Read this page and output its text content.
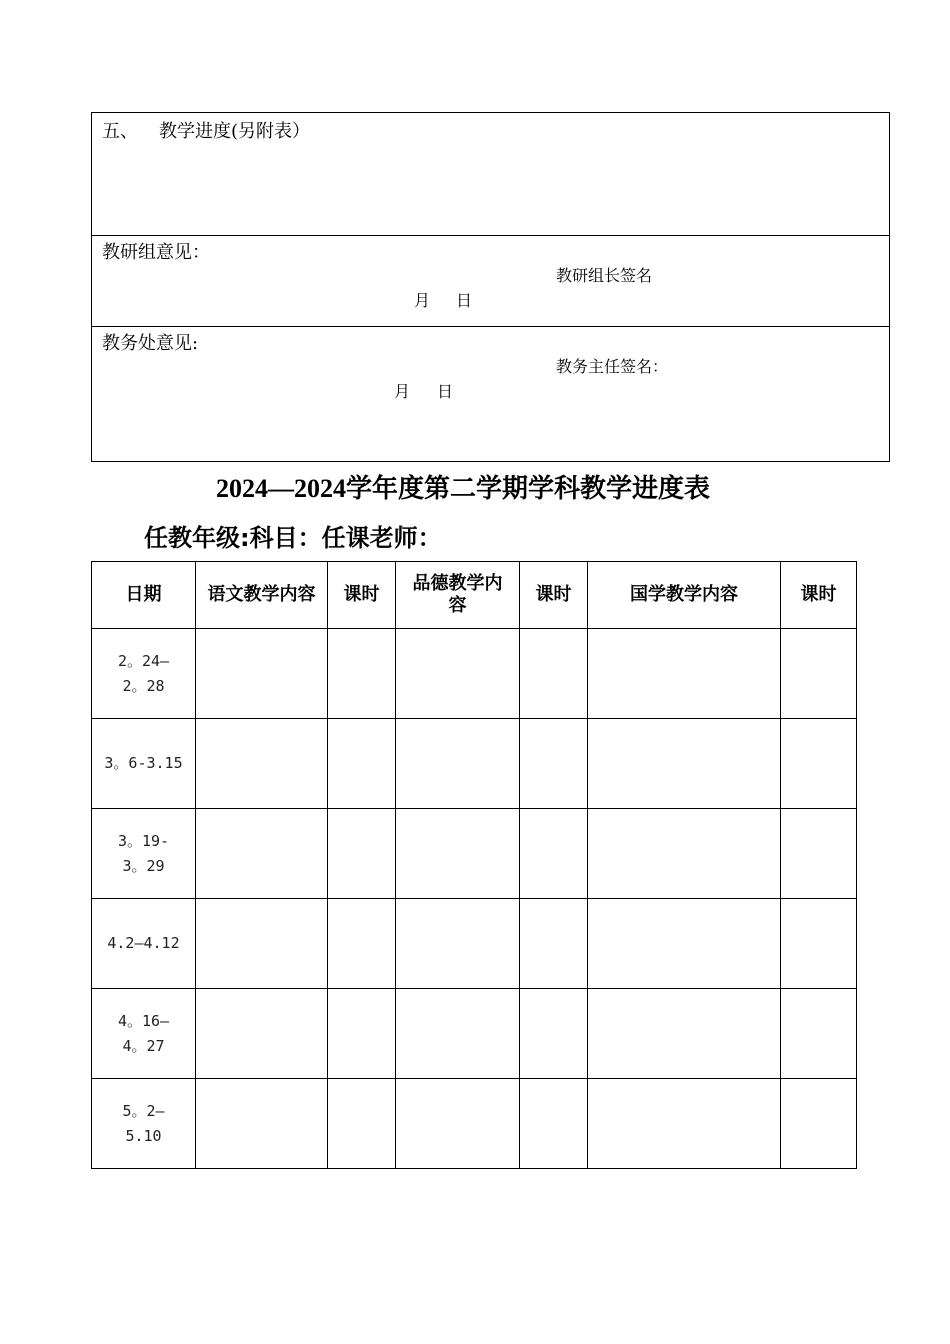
五、 教学进度(另附表）
教研组意见：
教研组长签名
月 日
教务处意见:
教务主任签名：
月 日
2024—2024学年度第二学期学科教学进度表
任教年级:科目：任课老师：
日期	语文教学内容	课时	品德教学内容	课时	国学教学内容	课时

2。24—
2。28						

3。6-3.15						

3。19-
3。29						

4.2—4.12						

4。16—
4。27						

5。2—
5.10						
